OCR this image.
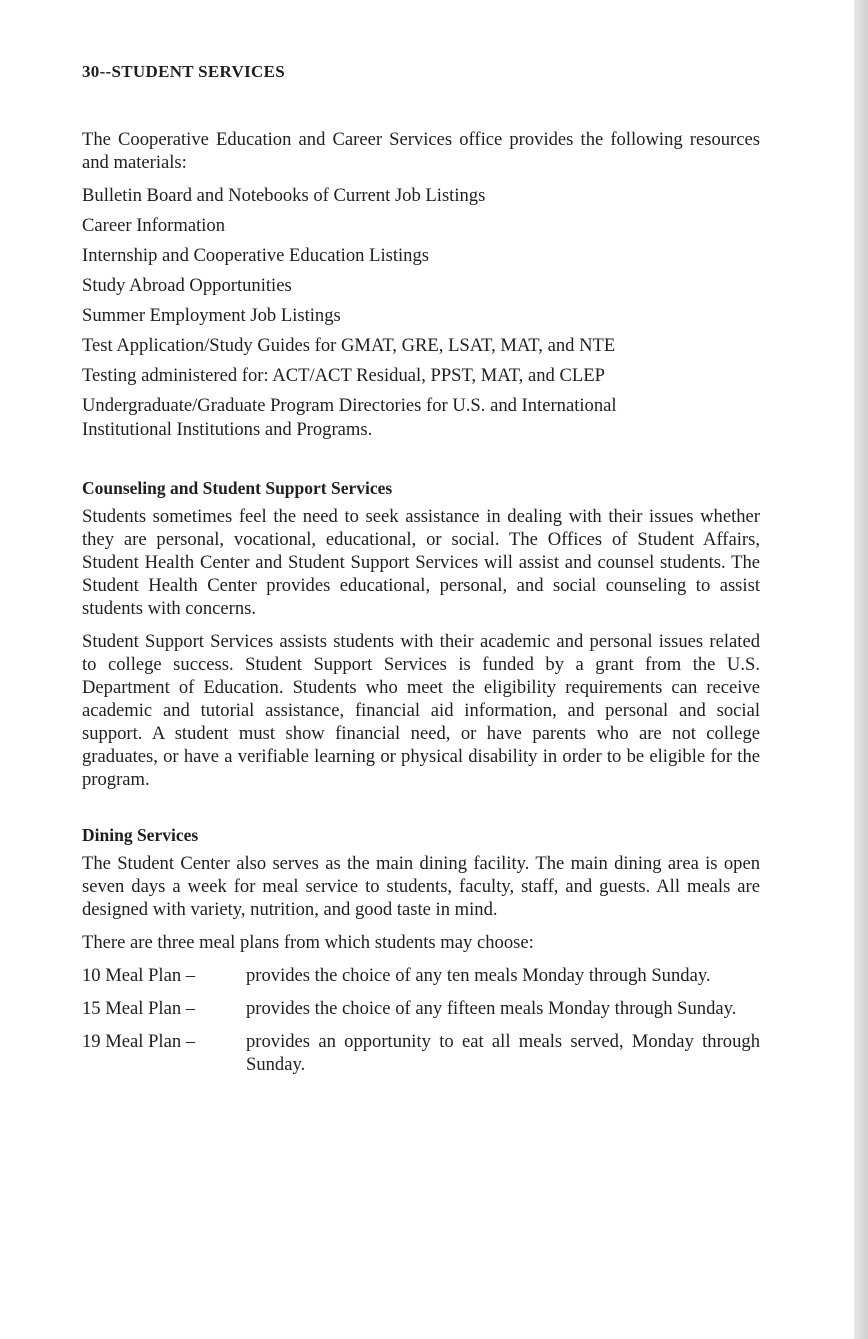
30--STUDENT SERVICES

The Cooperative Education and Career Services office provides the following resources and materials:

Bulletin Board and Notebooks of Current Job Listings

Career Information

Internship and Cooperative Education Listings

Study Abroad Opportunities

Summer Employment Job Listings

Test Application/Study Guides for GMAT, GRE, LSAT, MAT, and NTE

Testing administered for: ACT/ACT Residual, PPST, MAT, and CLEP

Undergraduate/Graduate Program Directories for U.S. and International

Institutional Institutions and Programs.

Counseling and Student Support Services

Students sometimes feel the need to seek assistance in dealing with their issues whether they are personal, vocational, educational, or social. The Offices of Student Affairs, Student Health Center and Student Support Services will assist and counsel students. The Student Health Center provides educational, personal, and social counseling to assist students with concerns.

Student Support Services assists students with their academic and personal issues related to college success. Student Support Services is funded by a grant from the U.S. Department of Education. Students who meet the eligibility requirements can receive academic and tutorial assistance, financial aid information, and personal and social support. A student must show financial need, or have parents who are not college graduates, or have a verifiable learning or physical disability in order to be eligible for the program.

Dining Services

The Student Center also serves as the main dining facility. The main dining area is open seven days a week for meal service to students, faculty, staff, and guests. All meals are designed with variety, nutrition, and good taste in mind.

There are three meal plans from which students may choose:

10 Meal Plan –	provides the choice of any ten meals Monday through Sunday.
15 Meal Plan –	provides the choice of any fifteen meals Monday through Sunday.
19 Meal Plan –	provides an opportunity to eat all meals served, Monday through Sunday.
